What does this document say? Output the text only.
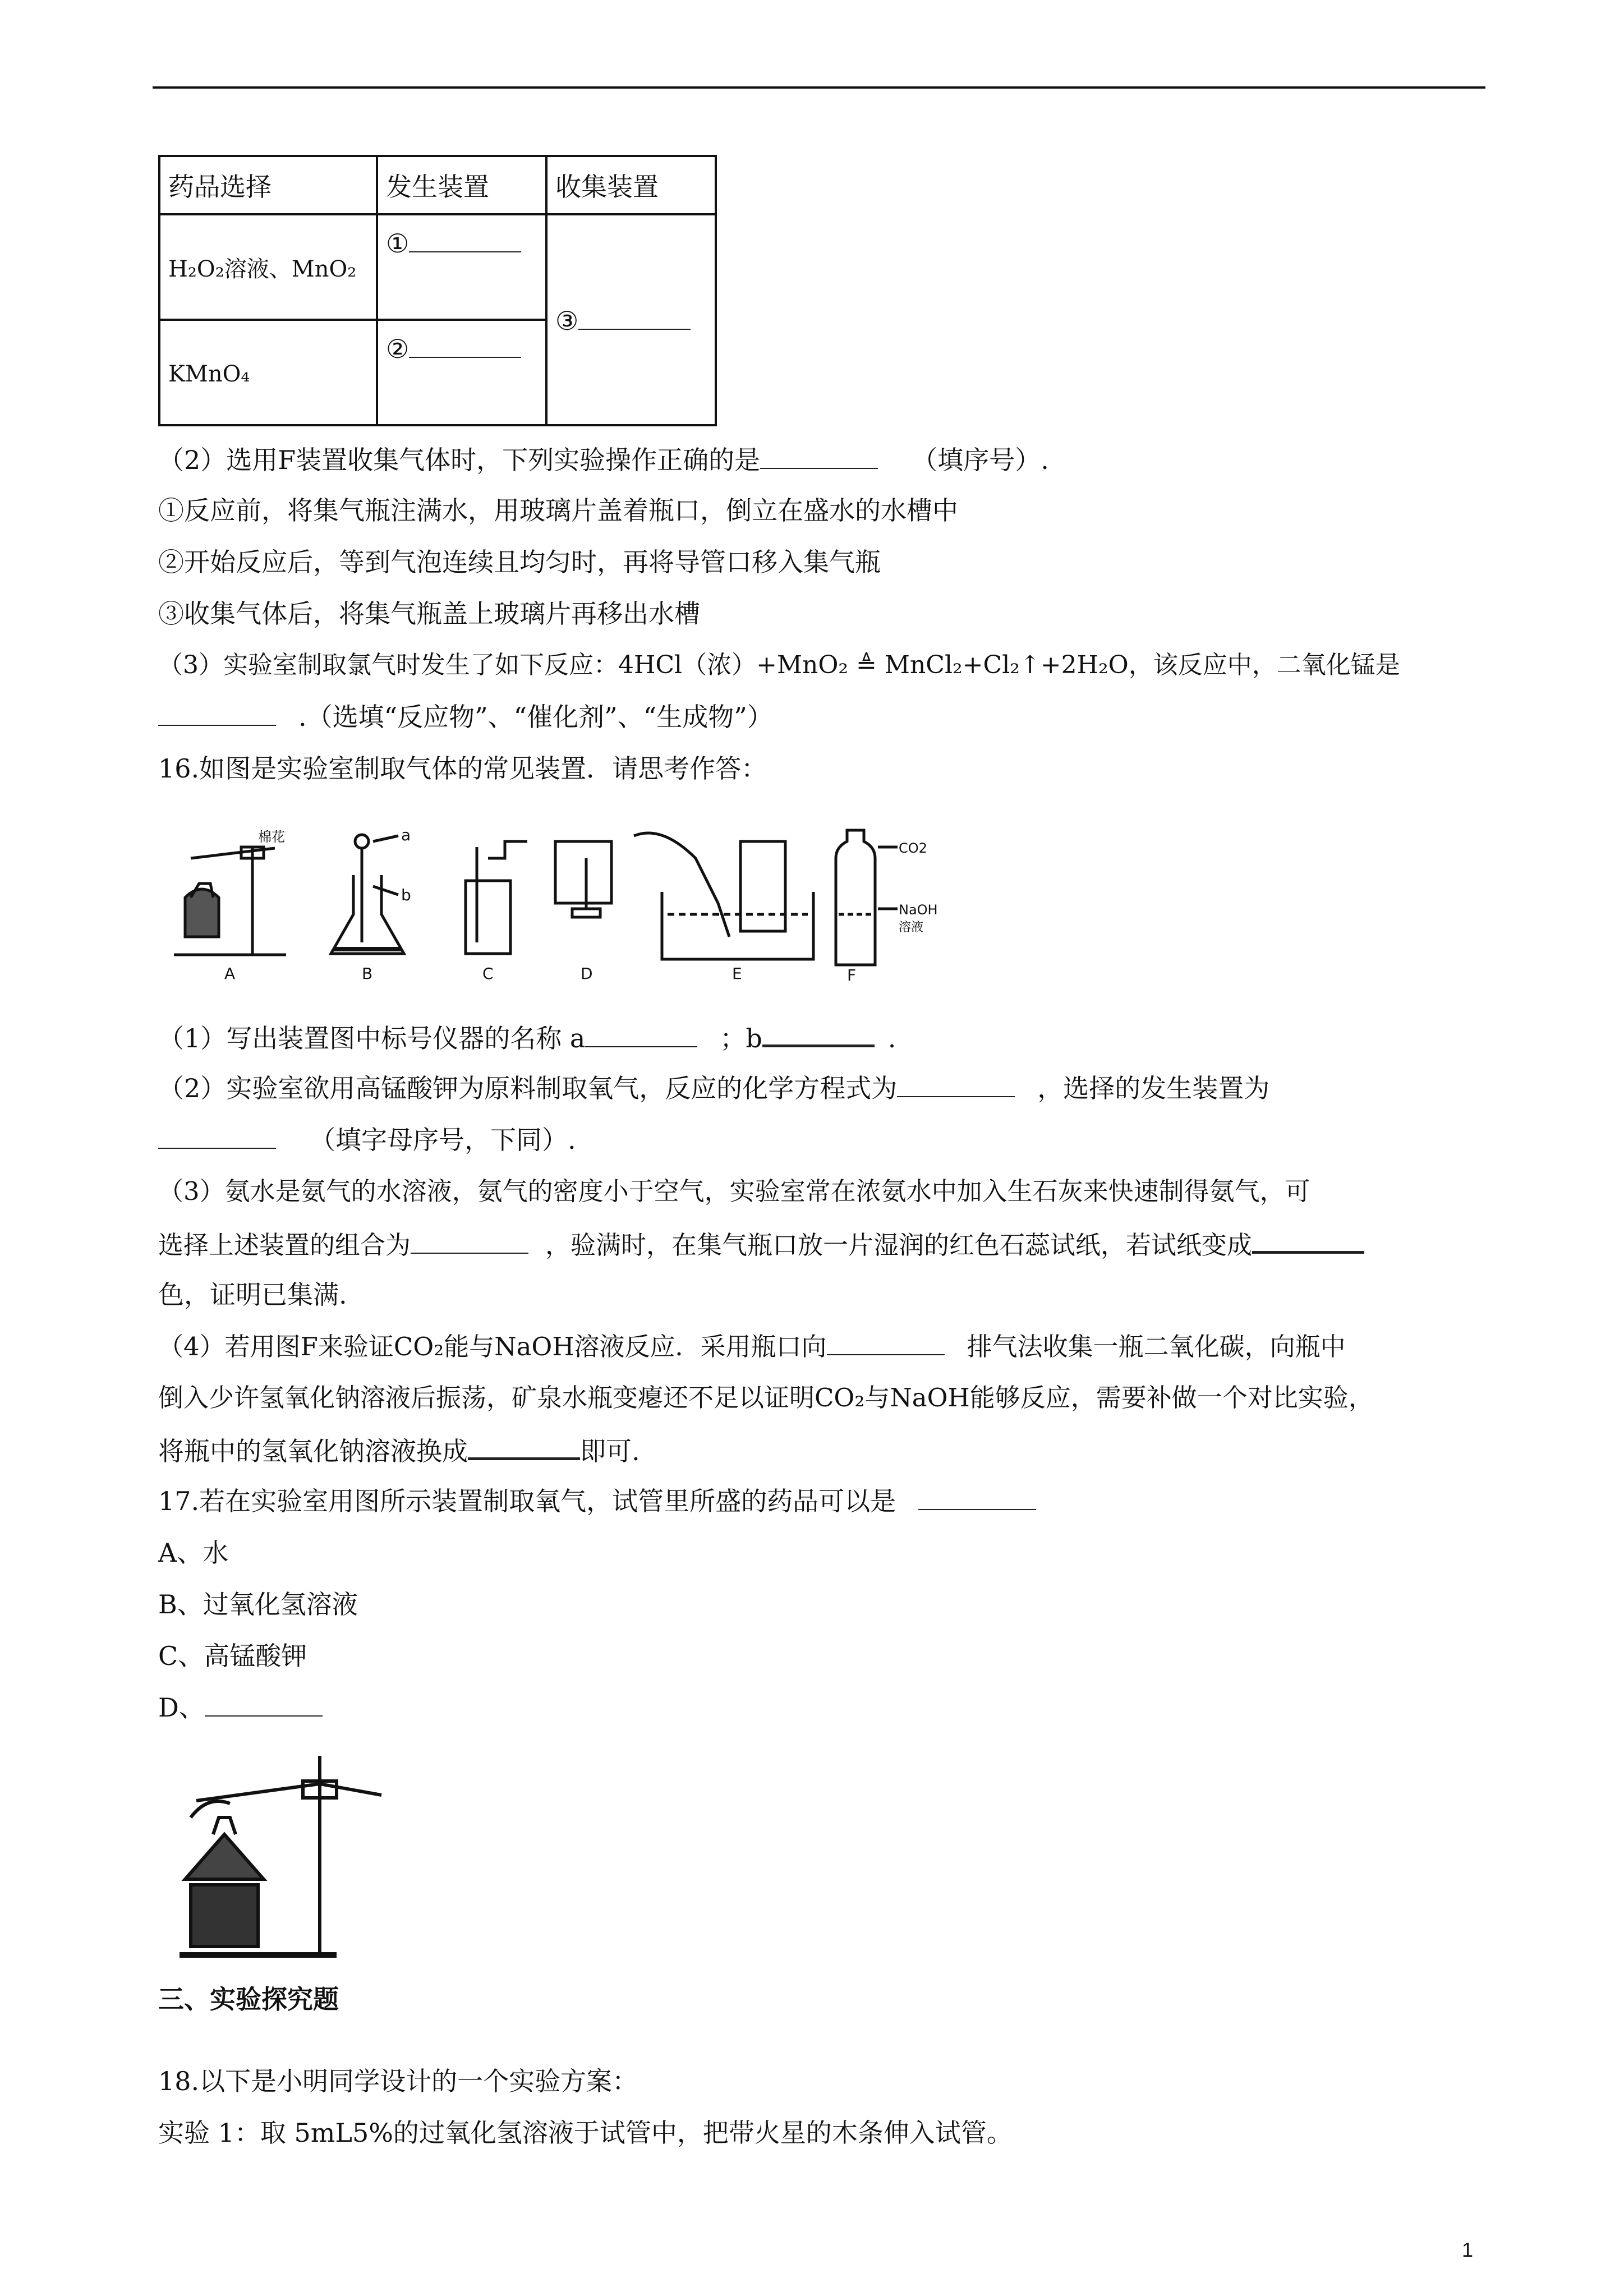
药品选择	发生装置	收集装置
H₂O₂溶液、MnO₂	①	③
KMnO₄	②	
（2）选用F装置收集气体时，下列实验操作正确的是	（填序号）.
①反应前，将集气瓶注满水，用玻璃片盖着瓶口，倒立在盛水的水槽中
②开始反应后，等到气泡连续且均匀时，再将导管口移入集气瓶
③收集气体后，将集气瓶盖上玻璃片再移出水槽
（3）实验室制取氯气时发生了如下反应：4HCl（浓）+MnO₂ ≜ MnCl₂+Cl₂↑+2H₂O，该反应中，二氧化锰是
.（选填“反应物”、“催化剂”、“生成物”）
16.如图是实验室制取气体的常见装置．请思考作答：
棉花	a
b
CO2
NaOH
溶液
A	B	C	D	E	F
（1）写出装置图中标号仪器的名称 a	；b	.
（2）实验室欲用高锰酸钾为原料制取氧气，反应的化学方程式为	，选择的发生装置为
（填字母序号，下同）.
（3）氨水是氨气的水溶液，氨气的密度小于空气，实验室常在浓氨水中加入生石灰来快速制得氨气，可
选择上述装置的组合为	，验满时，在集气瓶口放一片湿润的红色石蕊试纸，若试纸变成
色，证明已集满.
（4）若用图F来验证CO₂能与NaOH溶液反应．采用瓶口向	排气法收集一瓶二氧化碳，向瓶中
倒入少许氢氧化钠溶液后振荡，矿泉水瓶变瘪还不足以证明CO₂与NaOH能够反应，需要补做一个对比实验，
将瓶中的氢氧化钠溶液换成	即可.
17.若在实验室用图所示装置制取氧气，试管里所盛的药品可以是
A、水
B、过氧化氢溶液
C、高锰酸钾
D、
三、实验探究题
18.以下是小明同学设计的一个实验方案：
实验 1：取 5mL5%的过氧化氢溶液于试管中，把带火星的木条伸入试管。
1
